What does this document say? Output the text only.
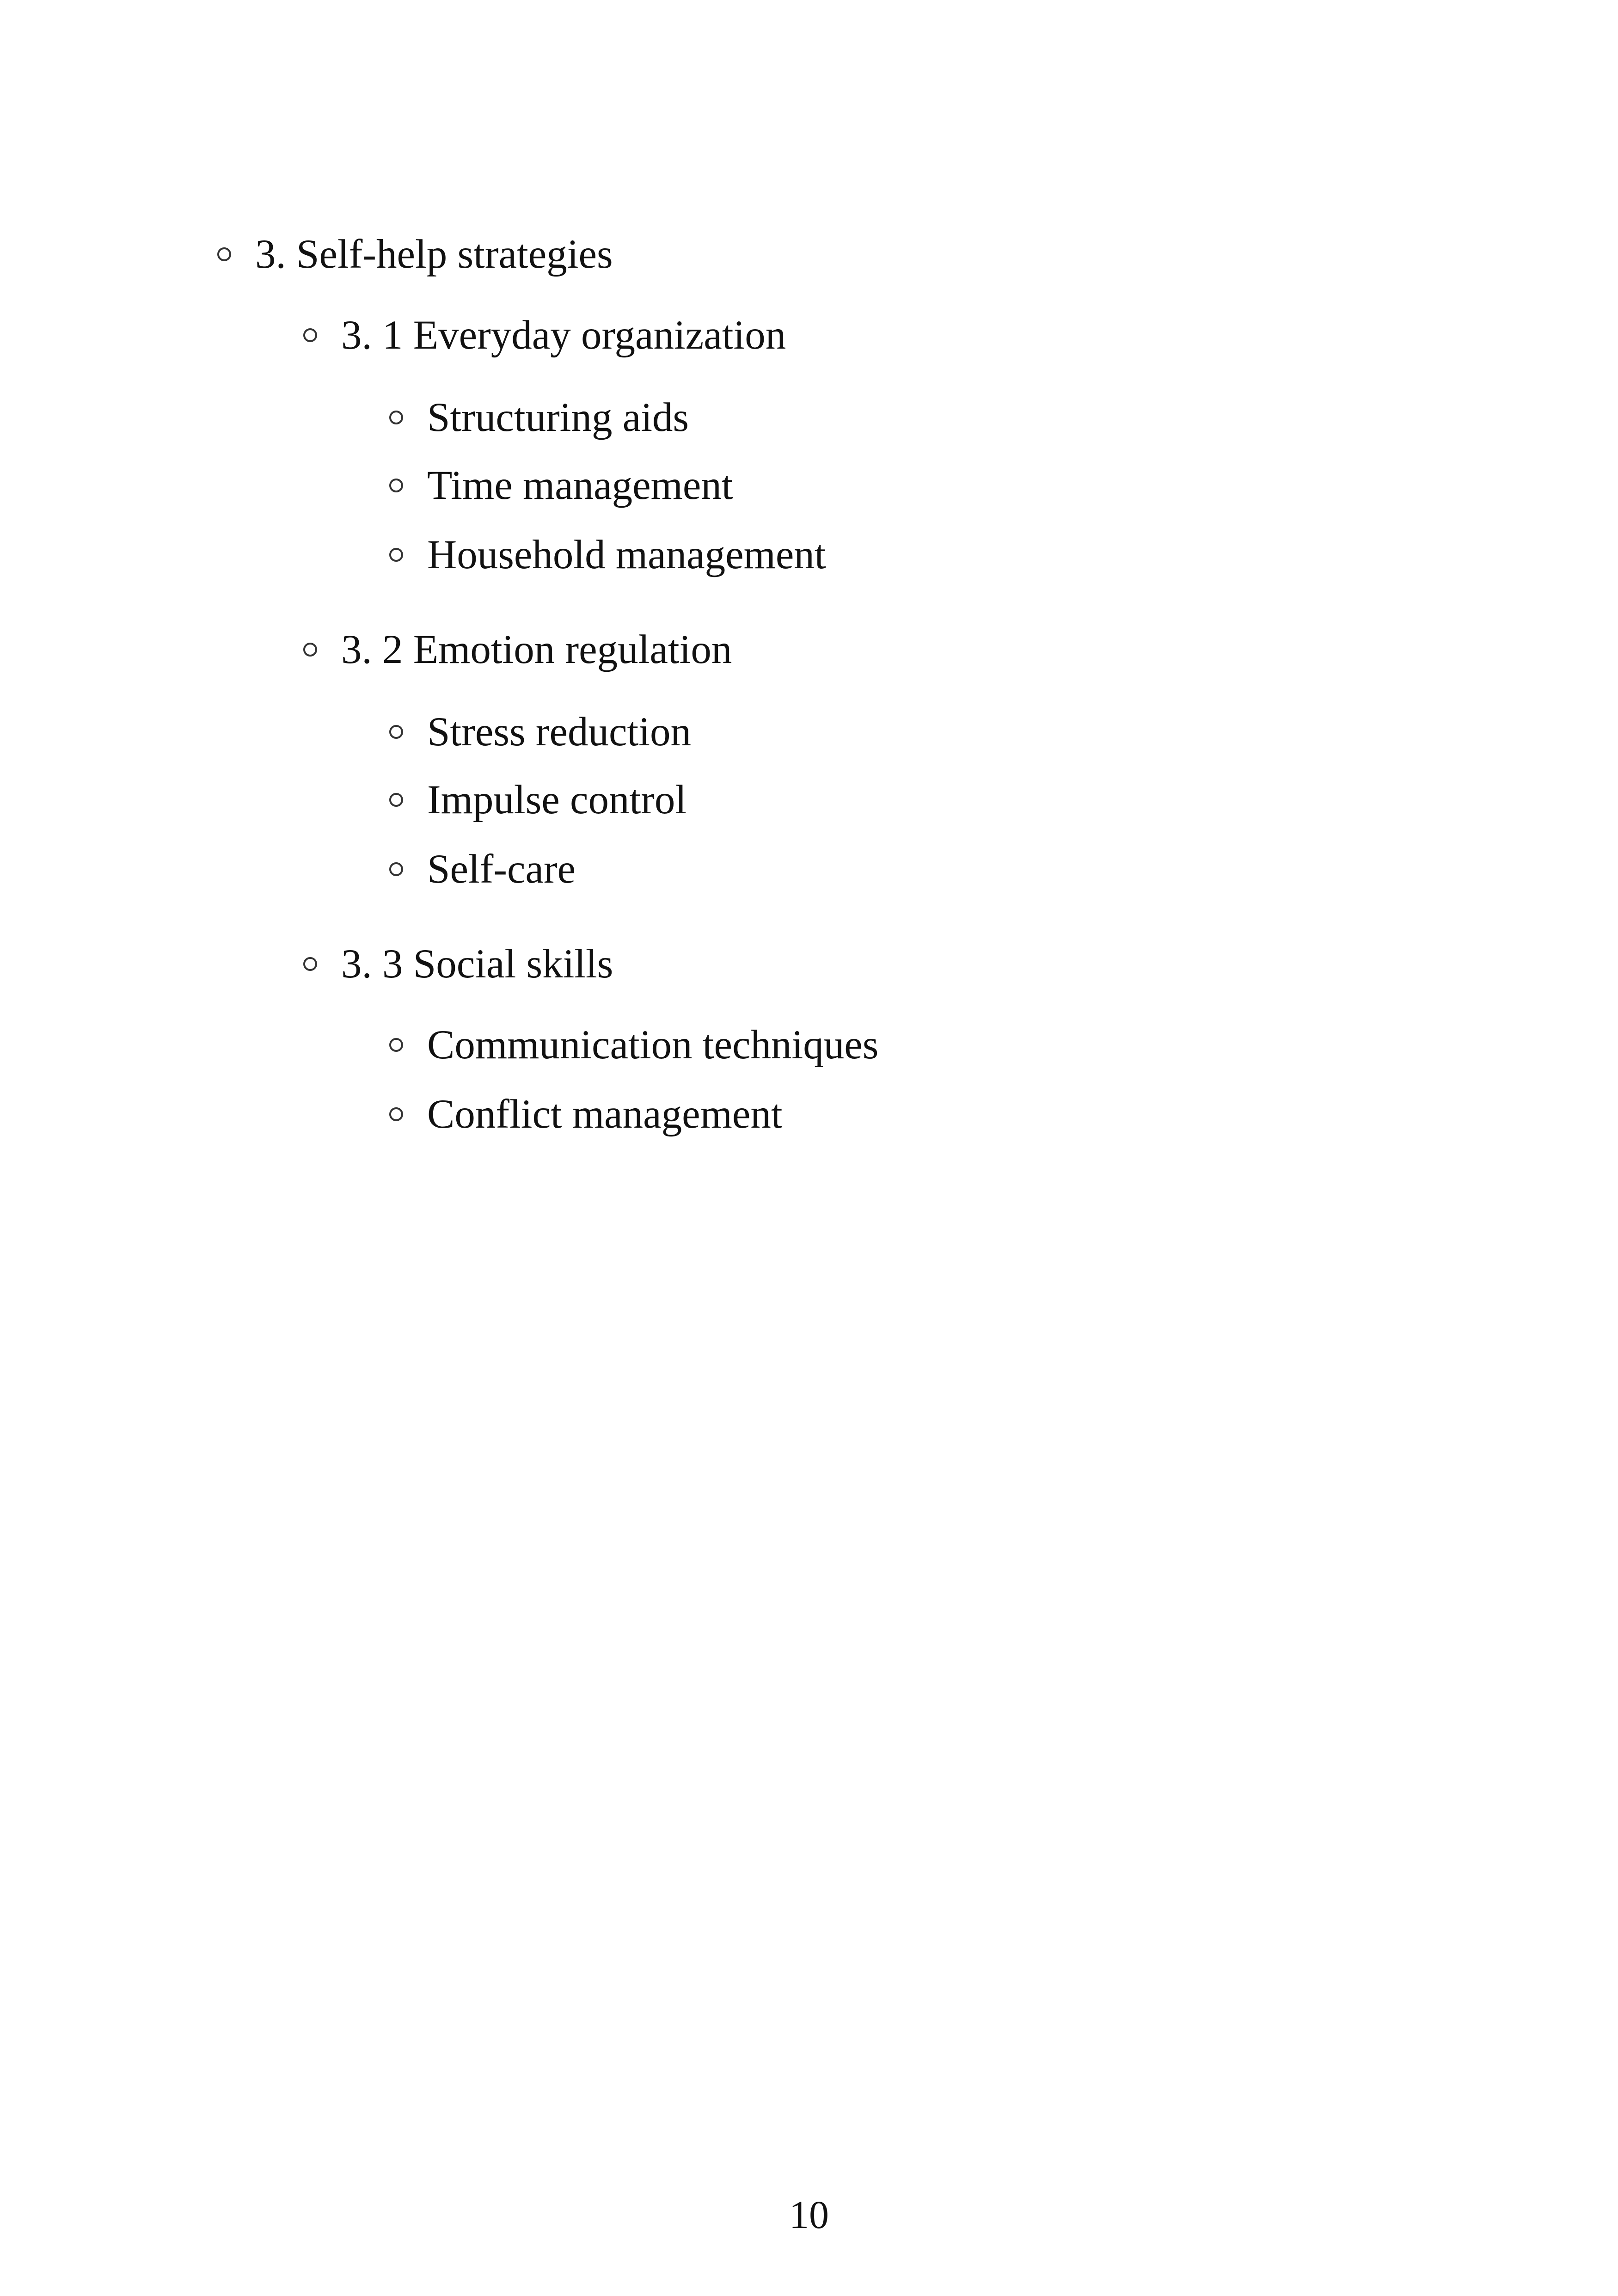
3. Self-help strategies
3. 1 Everyday organization
Structuring aids
Time management
Household management
3. 2 Emotion regulation
Stress reduction
Impulse control
Self-care
3. 3 Social skills
Communication techniques
Conflict management
10
